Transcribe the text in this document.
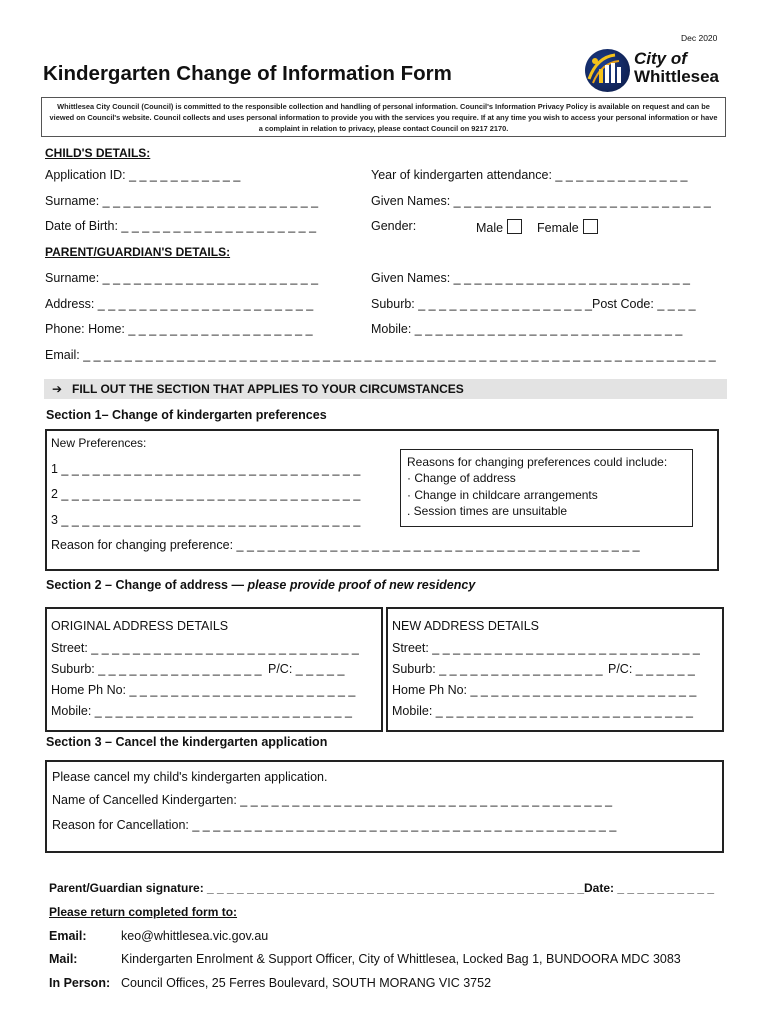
Dec 2020
Kindergarten Change of Information Form
City of
Whittlesea
Whittlesea City Council (Council) is committed to the responsible collection and handling of personal information. Council's Information Privacy Policy is available on request and can be viewed on Council's website. Council collects and uses personal information to provide you with the services you require. If at any time you wish to access your personal information or have a complaint in relation to privacy, please contact Council on 9217 2170.
CHILD'S DETAILS:
Application ID: _ _ _ _ _ _ _ _ _ _ _	Year of kindergarten attendance: _ _ _ _ _ _ _ _ _ _ _ _ _
Surname: _ _ _ _ _ _ _ _ _ _ _ _ _ _ _ _ _ _ _ _ _	Given Names: _ _ _ _ _ _ _ _ _ _ _ _ _ _ _ _ _ _ _ _ _ _ _ _ _
Date of Birth: _ _ _ _ _ _ _ _ _ _ _ _ _ _ _ _ _ _ _	Gender:	Male	Female
PARENT/GUARDIAN'S DETAILS:
Surname: _ _ _ _ _ _ _ _ _ _ _ _ _ _ _ _ _ _ _ _ _	Given Names: _ _ _ _ _ _ _ _ _ _ _ _ _ _ _ _ _ _ _ _ _ _ _
Address: _ _ _ _ _ _ _ _ _ _ _ _ _ _ _ _ _ _ _ _ _	Suburb: _ _ _ _ _ _ _ _ _ _ _ _ _ _ _ _ _ Post Code: _ _ _ _
Phone: Home: _ _ _ _ _ _ _ _ _ _ _ _ _ _ _ _ _ _	Mobile: _ _ _ _ _ _ _ _ _ _ _ _ _ _ _ _ _ _ _ _ _ _ _ _ _ _
Email: _ _ _ _ _ _ _ _ _ _ _ _ _ _ _ _ _ _ _ _ _ _ _ _ _ _ _ _ _ _ _ _ _ _ _ _ _ _ _ _ _ _ _ _ _ _ _ _ _ _ _ _ _ _ _ _ _ _ _ _ _
➔ FILL OUT THE SECTION THAT APPLIES TO YOUR CIRCUMSTANCES
Section 1– Change of kindergarten preferences
New Preferences:
1 _ _ _ _ _ _ _ _ _ _ _ _ _ _ _ _ _ _ _ _ _ _ _ _ _ _ _ _ _
2 _ _ _ _ _ _ _ _ _ _ _ _ _ _ _ _ _ _ _ _ _ _ _ _ _ _ _ _ _
3 _ _ _ _ _ _ _ _ _ _ _ _ _ _ _ _ _ _ _ _ _ _ _ _ _ _ _ _ _
Reasons for changing preferences could include:
· Change of address
· Change in childcare arrangements
. Session times are unsuitable
Reason for changing preference: _ _ _ _ _ _ _ _ _ _ _ _ _ _ _ _ _ _ _ _ _ _ _ _ _ _ _ _ _ _ _ _ _ _ _ _ _ _ _
Section 2 – Change of address — please provide proof of new residency
ORIGINAL ADDRESS DETAILS
Street: _ _ _ _ _ _ _ _ _ _ _ _ _ _ _ _ _ _ _ _ _ _ _ _ _ _
Suburb: _ _ _ _ _ _ _ _ _ _ _ _ _ _ _ _ P/C: _ _ _ _ _
Home Ph No: _ _ _ _ _ _ _ _ _ _ _ _ _ _ _ _ _ _ _ _ _ _
Mobile: _ _ _ _ _ _ _ _ _ _ _ _ _ _ _ _ _ _ _ _ _ _ _ _ _
NEW ADDRESS DETAILS
Street: _ _ _ _ _ _ _ _ _ _ _ _ _ _ _ _ _ _ _ _ _ _ _ _ _ _
Suburb: _ _ _ _ _ _ _ _ _ _ _ _ _ _ _ _ P/C: _ _ _ _ _ _
Home Ph No: _ _ _ _ _ _ _ _ _ _ _ _ _ _ _ _ _ _ _ _ _ _
Mobile: _ _ _ _ _ _ _ _ _ _ _ _ _ _ _ _ _ _ _ _ _ _ _ _ _
Section 3 – Cancel the kindergarten application
Please cancel my child's kindergarten application.
Name of Cancelled Kindergarten: _ _ _ _ _ _ _ _ _ _ _ _ _ _ _ _ _ _ _ _ _ _ _ _ _ _ _ _ _ _ _ _ _ _ _ _
Reason for Cancellation: _ _ _ _ _ _ _ _ _ _ _ _ _ _ _ _ _ _ _ _ _ _ _ _ _ _ _ _ _ _ _ _ _ _ _ _ _ _ _ _ _
Parent/Guardian signature: _ _ _ _ _ _ _ _ _ _ _ _ _ _ _ _ _ _ _ _ _ _ _ _ _ _ _ _ _ _ _ _ _ _ _ _ _ _ Date: _ _ _ _ _ _ _ _ _ _
Please return completed form to:
Email:	keo@whittlesea.vic.gov.au
Mail:	Kindergarten Enrolment & Support Officer, City of Whittlesea, Locked Bag 1, BUNDOORA MDC 3083
In Person: Council Offices, 25 Ferres Boulevard, SOUTH MORANG VIC 3752
